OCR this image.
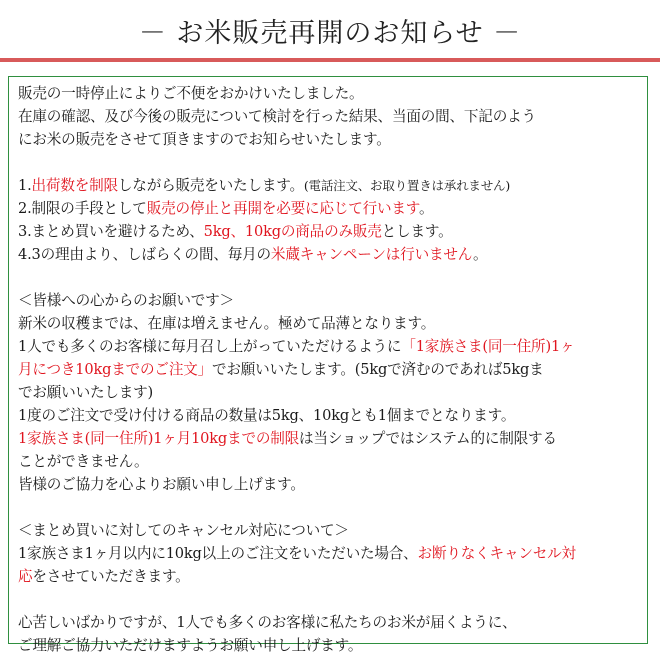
－ お米販売再開のお知らせ －

販売の一時停止によりご不便をおかけいたしました。

在庫の確認、及び今後の販売について検討を行った結果、当面の間、下記のよう

にお米の販売をさせて頂きますのでお知らせいたします。

1.出荷数を制限しながら販売をいたします。(電話注文、お取り置きは承れません)

2.制限の手段として販売の停止と再開を必要に応じて行います。

3.まとめ買いを避けるため、5kg、10kgの商品のみ販売とします。

4.3の理由より、しばらくの間、毎月の米蔵キャンペーンは行いません。

＜皆様への心からのお願いです＞

新米の収穫までは、在庫は増えません。極めて品薄となります。

1人でも多くのお客様に毎月召し上がっていただけるように「1家族さま(同一住所)1ヶ

月につき10kgまでのご注文」でお願いいたします。(5kgで済むのであれば5kgま

でお願いいたします)

1度のご注文で受け付ける商品の数量は5kg、10kgとも1個までとなります。

1家族さま(同一住所)1ヶ月10kgまでの制限は当ショップではシステム的に制限する

ことができません。

皆様のご協力を心よりお願い申し上げます。

＜まとめ買いに対してのキャンセル対応について＞

1家族さま1ヶ月以内に10kg以上のご注文をいただいた場合、お断りなくキャンセル対

応をさせていただきます。

心苦しいばかりですが、1人でも多くのお客様に私たちのお米が届くように、

ご理解ご協力いただけますようお願い申し上げます。
